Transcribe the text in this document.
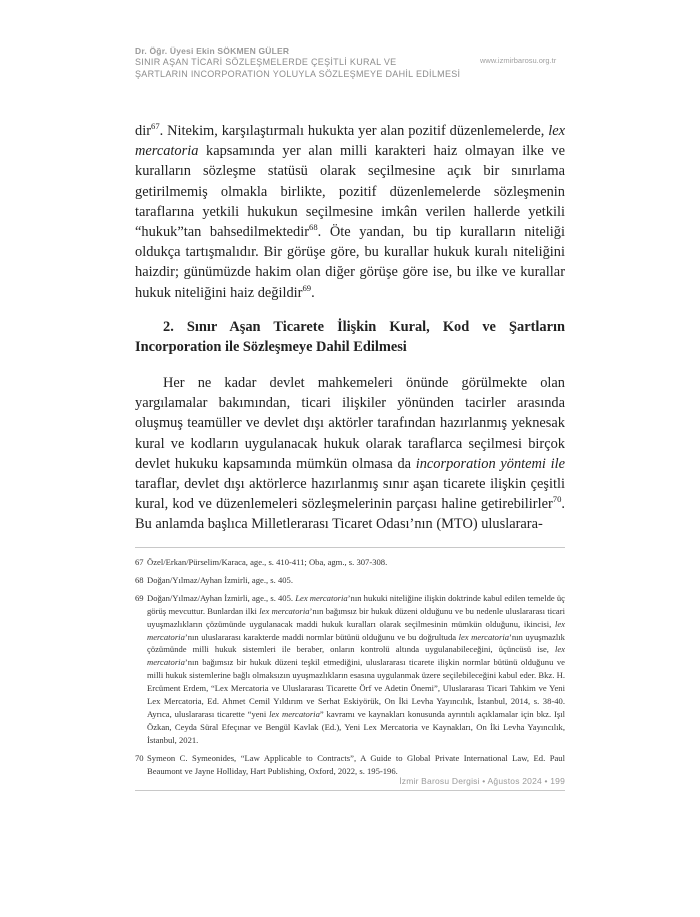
Dr. Öğr. Üyesi Ekin SÖKMEN GÜLER
SINIR AŞAN TİCARİ SÖZLEŞMELERDE ÇEŞİTLİ KURAL VE
ŞARTLARIN INCORPORATION YOLUYLA SÖZLEŞMEYE DAHİL EDİLMESİ
www.izmirbarosu.org.tr

dir$^{67}$. Nitekim, karşılaştırmalı hukukta yer alan pozitif düzenlemelerde, lex mercatoria kapsamında yer alan milli karakteri haiz olmayan ilke ve kuralların sözleşme statüsü olarak seçilmesine açık bir sınırlama getirilmemiş olmakla birlikte, pozitif düzenlemelerde sözleşmenin taraflarına yetkili hukukun seçilmesine imkân verilen hallerde yetkili “hukuk”tan bahsedilmektedir$^{68}$. Öte yandan, bu tip kuralların niteliği oldukça tartışmalıdır. Bir görüşe göre, bu kurallar hukuk kuralı niteliğini haizdir; günümüzde hakim olan diğer görüşe göre ise, bu ilke ve kurallar hukuk niteliğini haiz değildir$^{69}$.

2. Sınır Aşan Ticarete İlişkin Kural, Kod ve Şartların Incorporation ile Sözleşmeye Dahil Edilmesi

Her ne kadar devlet mahkemeleri önünde görülmekte olan yargılamalar bakımından, ticari ilişkiler yönünden tacirler arasında oluşmuş teamüller ve devlet dışı aktörler tarafından hazırlanmış yeknesak kural ve kodların uygulanacak hukuk olarak taraflarca seçilmesi birçok devlet hukuku kapsamında mümkün olmasa da incorporation yöntemi ile taraflar, devlet dışı aktörlerce hazırlanmış sınır aşan ticarete ilişkin çeşitli kural, kod ve düzenlemeleri sözleşmelerinin parçası haline getirebilirler$^{70}$. Bu anlamda başlıca Milletlerarası Ticaret Odası’nın (MTO) uluslarara-

67 Özel/Erkan/Pürselim/Karaca, age., s. 410-411; Oba, agm., s. 307-308.
68 Doğan/Yılmaz/Ayhan İzmirli, age., s. 405.
69 Doğan/Yılmaz/Ayhan İzmirli, age., s. 405. Lex mercatoria’nın hukuki niteliğine ilişkin doktrinde kabul edilen temelde üç görüş mevcuttur. Bunlardan ilki lex mercatoria’nın bağımsız bir hukuk düzeni olduğunu ve bu nedenle uluslararası ticari uyuşmazlıkların çözümünde uygulanacak maddi hukuk kuralları olarak seçilmesinin mümkün olduğunu, ikincisi, lex mercatoria’nın uluslararası karakterde maddi normlar bütünü olduğunu ve bu doğrultuda lex mercatoria’nın uyuşmazlık çözümünde milli hukuk sistemleri ile beraber, onların kontrolü altında uygulanabileceğini, üçüncüsü ise, lex mercatoria’nın bağımsız bir hukuk düzeni teşkil etmediğini, uluslararası ticarete ilişkin normlar bütünü olduğunu ve milli hukuk sistemlerine bağlı olmaksızın uyuşmazlıkların esasına uygulanmak üzere seçilebileceğini kabul eder. Bkz. H. Ercüment Erdem, “Lex Mercatoria ve Uluslararası Ticarette Örf ve Adetin Önemi”, Uluslararası Ticari Tahkim ve Yeni Lex Mercatoria, Ed. Ahmet Cemil Yıldırım ve Serhat Eskiyörük, On İki Levha Yayıncılık, İstanbul, 2014, s. 38-40. Ayrıca, uluslararası ticarette “yeni lex mercatoria” kavramı ve kaynakları konusunda ayrıntılı açıklamalar için bkz. Işıl Özkan, Ceyda Süral Efeçınar ve Bengül Kavlak (Ed.), Yeni Lex Mercatoria ve Kaynakları, On İki Levha Yayıncılık, İstanbul, 2021.
70 Symeon C. Symeonides, “Law Applicable to Contracts”, A Guide to Global Private International Law, Ed. Paul Beaumont ve Jayne Holliday, Hart Publishing, Oxford, 2022, s. 195-196.
İzmir Barosu Dergisi • Ağustos 2024 • 199
